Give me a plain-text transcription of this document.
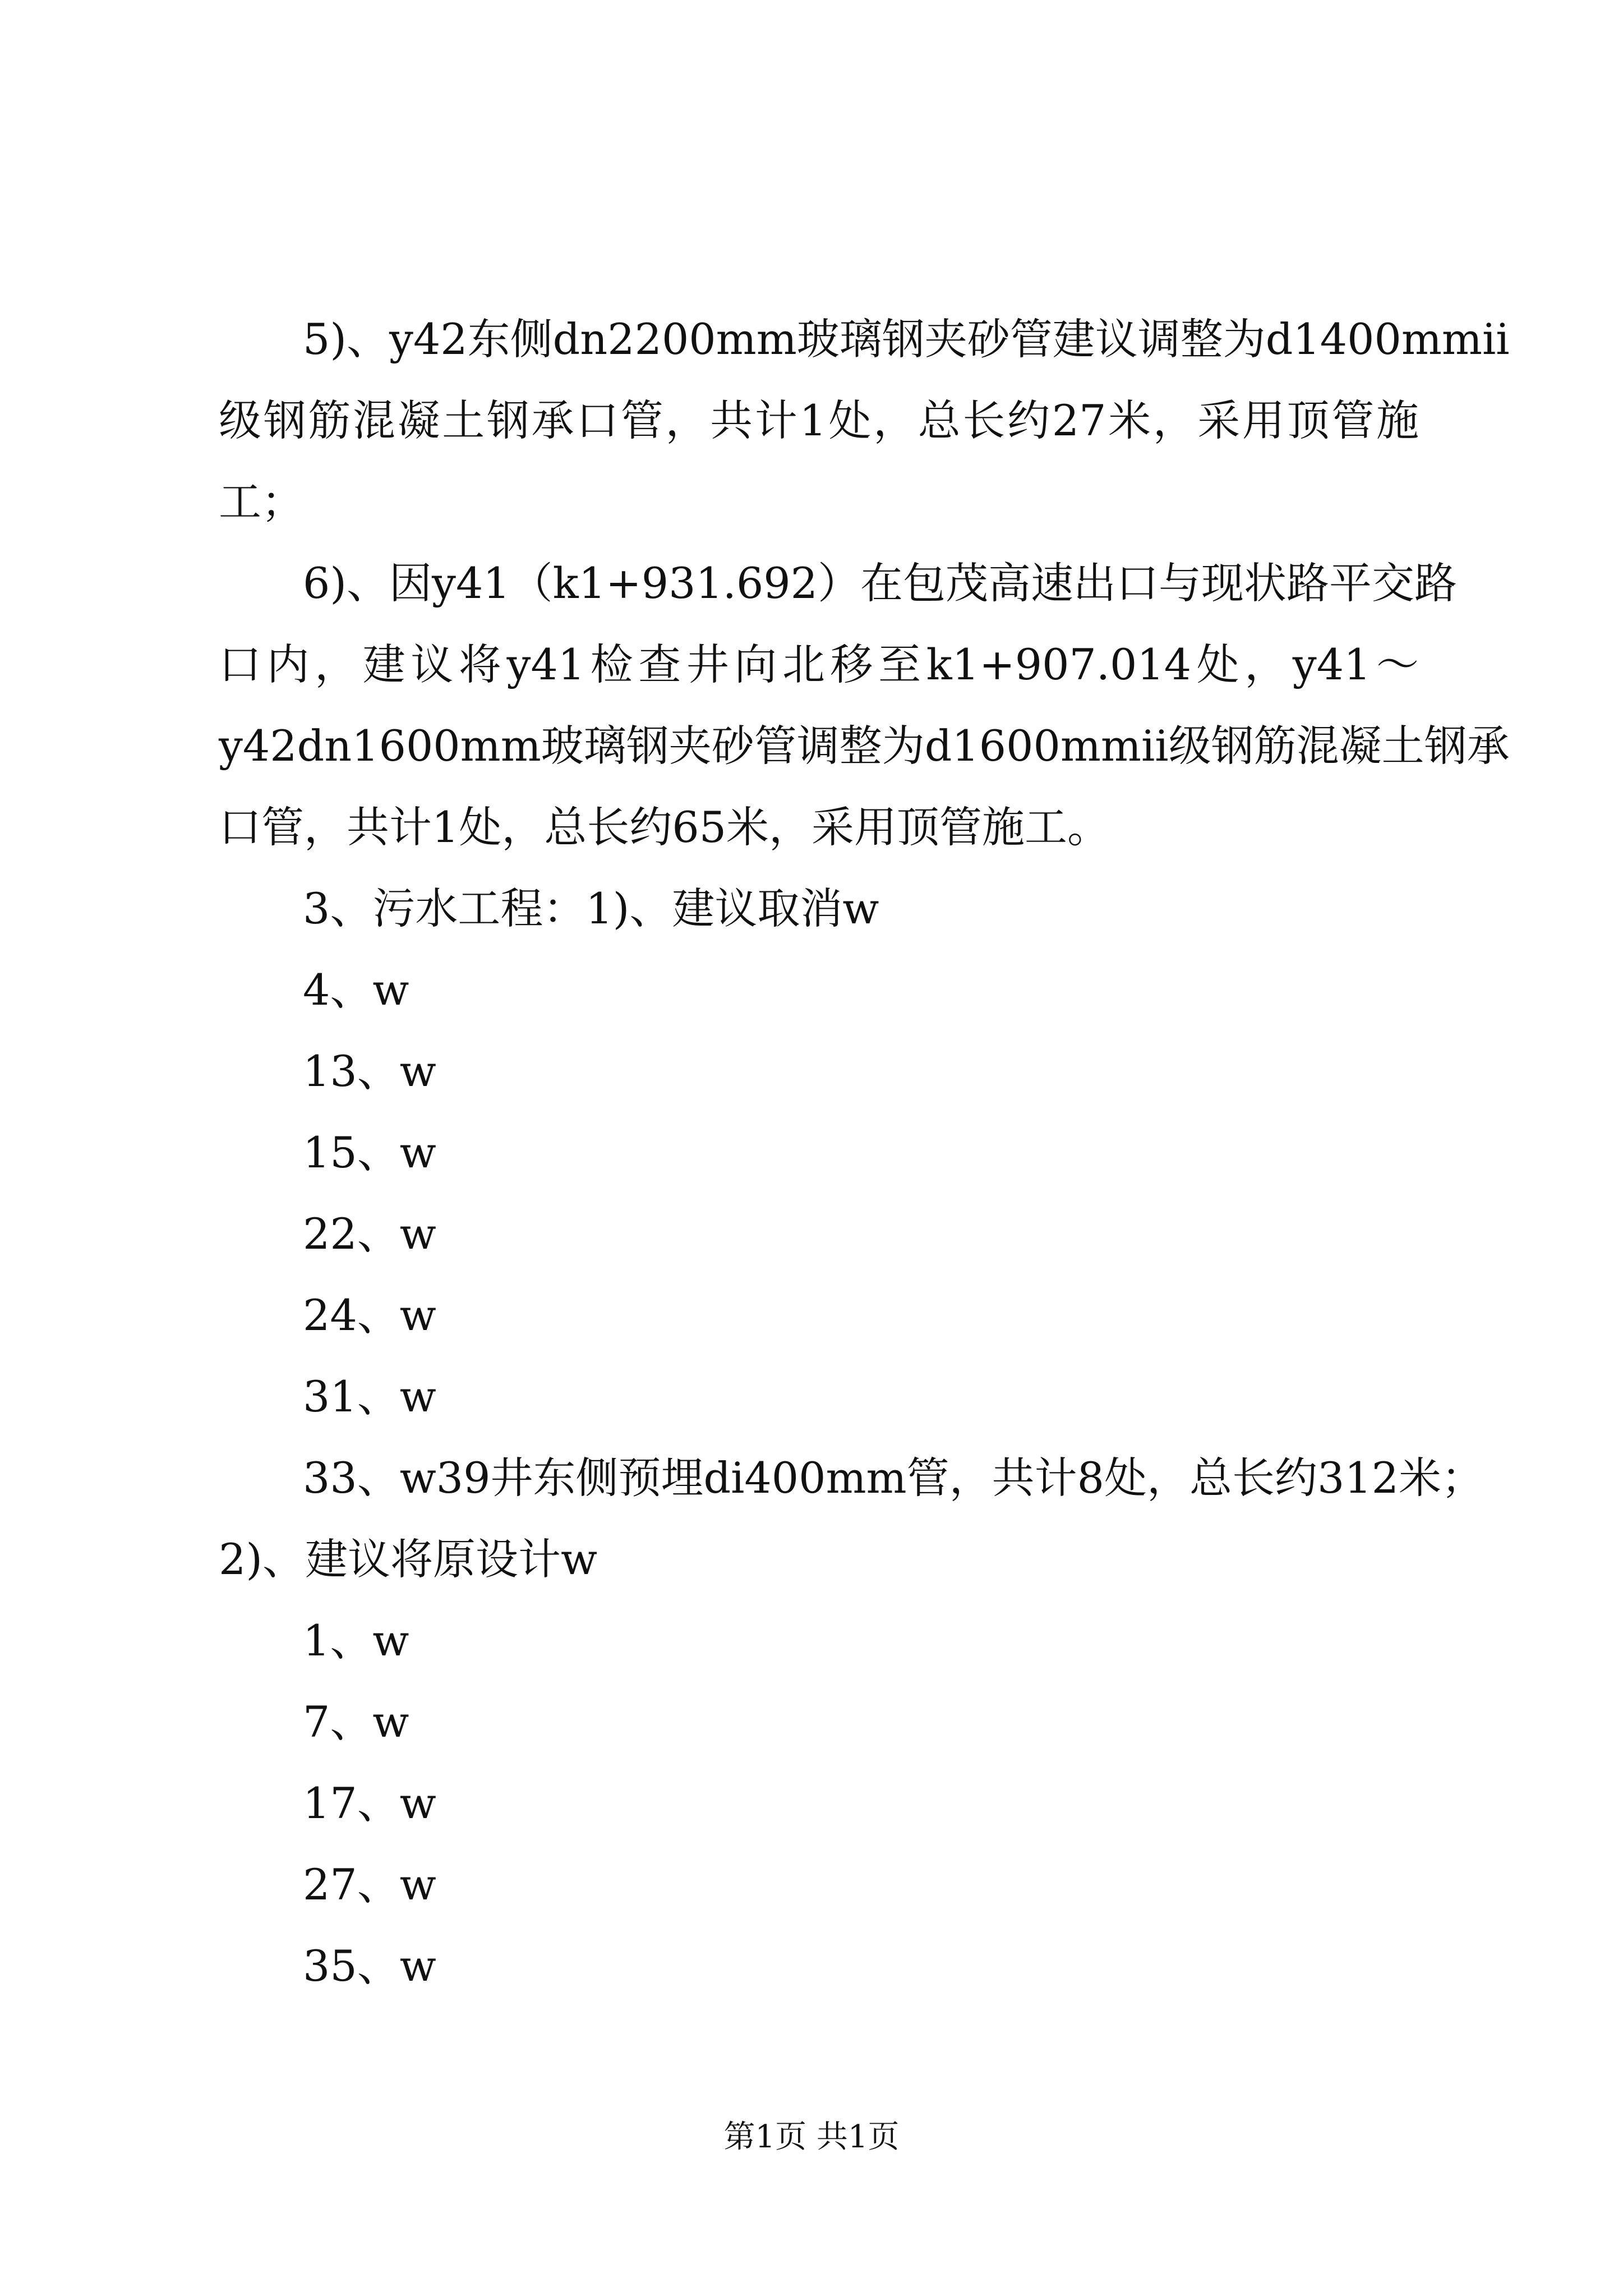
5)、y42东侧dn2200mm玻璃钢夹砂管建议调整为d1400mmii
级钢筋混凝土钢承口管，共计1处，总长约27米，采用顶管施
工；
6)、因y41（k1+931.692）在包茂高速出口与现状路平交路
口内，建议将y41检查井向北移至k1+907.014处，y41～
y42dn1600mm玻璃钢夹砂管调整为d1600mmii级钢筋混凝土钢承
口管，共计1处，总长约65米，采用顶管施工。
3、污水工程：1)、建议取消w
4、w
13、w
15、w
22、w
24、w
31、w
33、w39井东侧预埋di400mm管，共计8处，总长约312米；
2)、建议将原设计w
1、w
7、w
17、w
27、w
35、w
第1页 共1页
